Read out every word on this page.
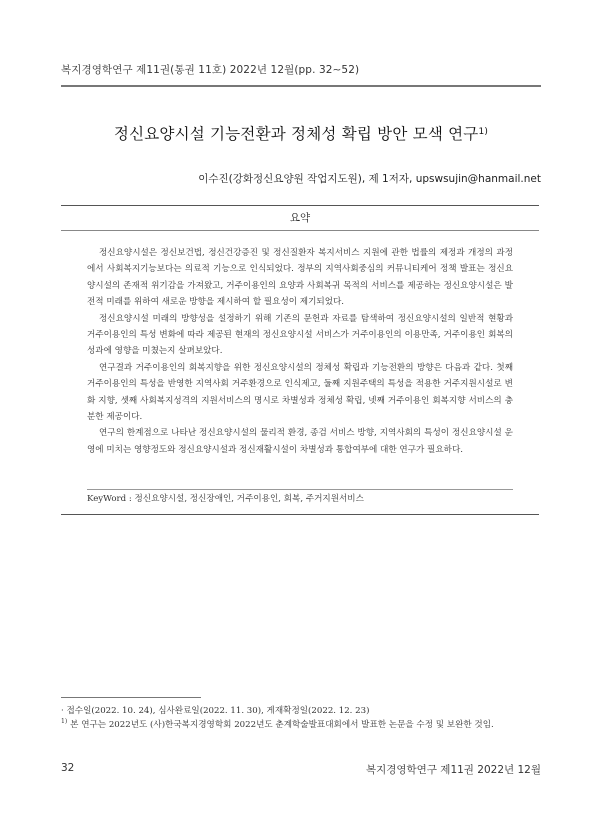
복지경영학연구 제11권(통권 11호) 2022년 12월(pp. 32∼52)
정신요양시설 기능전환과 정체성 확립 방안 모색 연구$^{1)}$
이수진(강화정신요양원 작업지도원), 제 1저자, upswsujin@hanmail.net
요약

정신요양시설은 정신보건법, 정신건강증진 및 정신질환자 복지서비스 지원에 관한 법률의 제정과 개정의 과정에서 사회복지기능보다는 의료적 기능으로 인식되었다. 정부의 지역사회중심의 커뮤니티케어 정책 발표는 정신요양시설의 존재적 위기감을 가져왔고, 거주이용인의 요양과 사회복귀 목적의 서비스를 제공하는 정신요양시설은 발전적 미래를 위하여 새로운 방향을 제시하여 할 필요성이 제기되었다.

정신요양시설 미래의 방향성을 설정하기 위해 기존의 문헌과 자료를 탐색하여 정신요양시설의 일반적 현황과 거주이용인의 특성 변화에 따라 제공된 현재의 정신요양시설 서비스가 거주이용인의 이용만족, 거주이용인 회복의 성과에 영향을 미쳤는지 살펴보았다.

연구결과 거주이용인의 회복지향을 위한 정신요양시설의 정체성 확립과 기능전환의 방향은 다음과 같다. 첫째 거주이용인의 특성을 반영한 지역사회 거주환경으로 인식제고, 둘째 지원주택의 특성을 적용한 거주지원시설로 변화 지향, 셋째 사회복지성격의 지원서비스의 명시로 차별성과 정체성 확립, 넷째 거주이용인 회복지향 서비스의 충분한 제공이다.

연구의 한계점으로 나타난 정신요양시설의 물리적 환경, 종검 서비스 방향, 지역사회의 특성이 정신요양시설 운영에 미치는 영향정도와 정신요양시설과 정신재활시설이 차별성과 통합여부에 대한 연구가 필요하다.

KeyWord : 정신요양시설, 정신장애인, 거주이용인, 회복, 주거지원서비스
· 접수일(2022. 10. 24), 심사완료일(2022. 11. 30), 게재확정일(2022. 12. 23)
$^{1)}$ 본 연구는 2022년도 (사)한국복지경영학회 2022년도 춘계학술발표대회에서 발표한 논문을 수정 및 보완한 것임.
32	복지경영학연구 제11권 2022년 12월
